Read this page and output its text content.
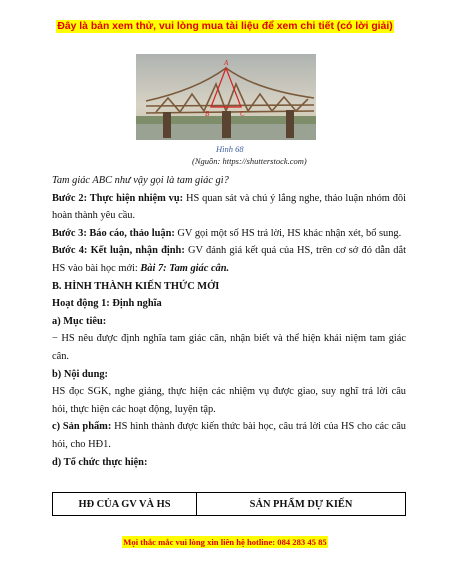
Đây là bản xem thử, vui lòng mua tài liệu để xem chi tiết (có lời giải)
A
B	C
Hình 68
(Nguồn: https://shutterstock.com)

Tam giác ABC như vậy gọi là tam giác gì?

Bước 2: Thực hiện nhiệm vụ: HS quan sát và chú ý lắng nghe, thảo luận nhóm đôi hoàn thành yêu cầu.

Bước 3: Báo cáo, thảo luận: GV gọi một số HS trả lời, HS khác nhận xét, bổ sung.

Bước 4: Kết luận, nhận định: GV đánh giá kết quả của HS, trên cơ sở đó dẫn dắt HS vào bài học mới: Bài 7: Tam giác cân.

B. HÌNH THÀNH KIẾN THỨC MỚI

Hoạt động 1: Định nghĩa

a) Mục tiêu:

− HS nêu được định nghĩa tam giác cân, nhận biết và thể hiện khái niệm tam giác cân.

b) Nội dung:

HS đọc SGK, nghe giảng, thực hiện các nhiệm vụ được giao, suy nghĩ trả lời câu hỏi, thực hiện các hoạt động, luyện tập.

c) Sản phẩm: HS hình thành được kiến thức bài học, câu trả lời của HS cho các câu hỏi, cho HĐ1.

d) Tổ chức thực hiện:

HĐ CỦA GV VÀ HS	SẢN PHẨM DỰ KIẾN
Mọi thắc mắc vui lòng xin liên hệ hotline: 084 283 45 85
